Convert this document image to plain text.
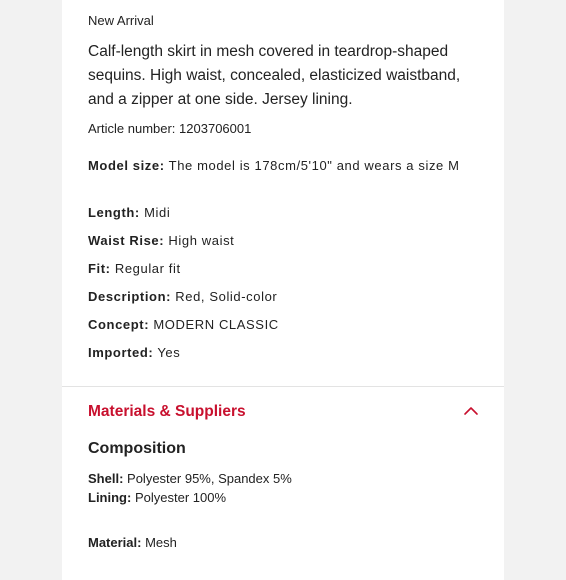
New Arrival
Calf-length skirt in mesh covered in teardrop-shaped sequins. High waist, concealed, elasticized waistband, and a zipper at one side. Jersey lining.
Article number: 1203706001
Model size: The model is 178cm/5'10" and wears a size M
Length: Midi
Waist Rise: High waist
Fit: Regular fit
Description: Red, Solid-color
Concept: MODERN CLASSIC
Imported: Yes
Materials & Suppliers
Composition
Shell: Polyester 95%, Spandex 5%
Lining: Polyester 100%
Material: Mesh
